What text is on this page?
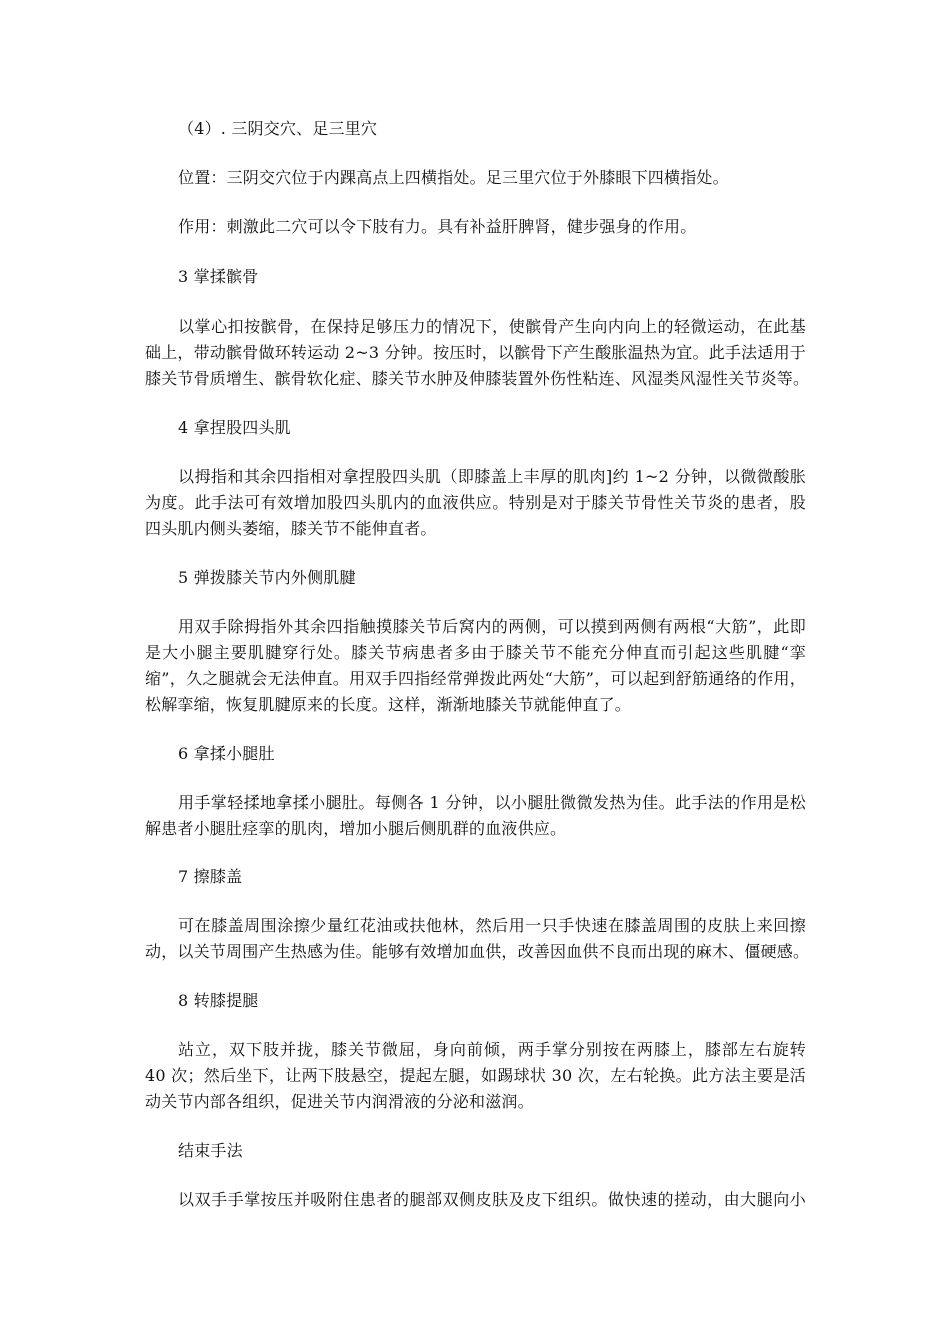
（4）. 三阴交穴、足三里穴

位置：三阴交穴位于内踝高点上四横指处。足三里穴位于外膝眼下四横指处。

作用：刺激此二穴可以令下肢有力。具有补益肝脾肾，健步强身的作用。

3 掌揉髌骨

以掌心扣按髌骨，在保持足够压力的情况下，使髌骨产生向内向上的轻微运动，在此基

础上，带动髌骨做环转运动 2~3 分钟。按压时，以髌骨下产生酸胀温热为宜。此手法适用于

膝关节骨质增生、髌骨软化症、膝关节水肿及伸膝装置外伤性粘连、风湿类风湿性关节炎等。

4 拿捏股四头肌

以拇指和其余四指相对拿捏股四头肌（即膝盖上丰厚的肌肉]约 1~2 分钟，以微微酸胀

为度。此手法可有效增加股四头肌内的血液供应。特别是对于膝关节骨性关节炎的患者，股

四头肌内侧头萎缩，膝关节不能伸直者。

5 弹拨膝关节内外侧肌腱

用双手除拇指外其余四指触摸膝关节后窝内的两侧，可以摸到两侧有两根“大筋”，此即

是大小腿主要肌腱穿行处。膝关节病患者多由于膝关节不能充分伸直而引起这些肌腱“挛

缩”，久之腿就会无法伸直。用双手四指经常弹拨此两处“大筋”，可以起到舒筋通络的作用，

松解挛缩，恢复肌腱原来的长度。这样，渐渐地膝关节就能伸直了。

6 拿揉小腿肚

用手掌轻揉地拿揉小腿肚。每侧各 1 分钟，以小腿肚微微发热为佳。此手法的作用是松

解患者小腿肚痉挛的肌肉，增加小腿后侧肌群的血液供应。

7 擦膝盖

可在膝盖周围涂擦少量红花油或扶他林，然后用一只手快速在膝盖周围的皮肤上来回擦

动，以关节周围产生热感为佳。能够有效增加血供，改善因血供不良而出现的麻木、僵硬感。

8 转膝提腿

站立，双下肢并拢，膝关节微屈，身向前倾，两手掌分别按在两膝上，膝部左右旋转

40 次；然后坐下，让两下肢悬空，提起左腿，如踢球状 30 次，左右轮换。此方法主要是活

动关节内部各组织，促进关节内润滑液的分泌和滋润。

结束手法

以双手手掌按压并吸附住患者的腿部双侧皮肤及皮下组织。做快速的搓动，由大腿向小
